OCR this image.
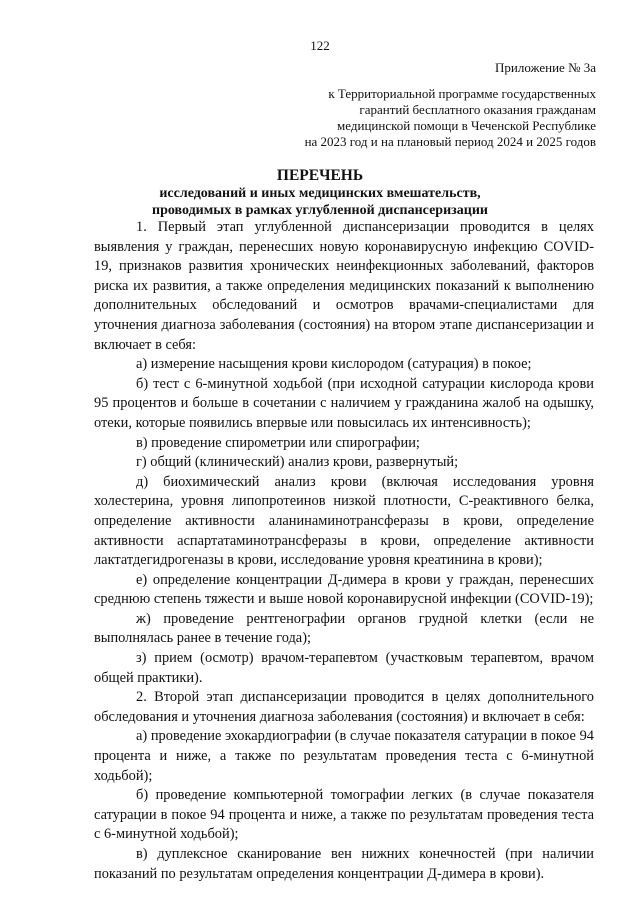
122
Приложение № 3а
к Территориальной программе государственных
гарантий бесплатного оказания гражданам
медицинской помощи в Чеченской Республике
на 2023 год и на плановый период 2024 и 2025 годов
ПЕРЕЧЕНЬ
исследований и иных медицинских вмешательств,
проводимых в рамках углубленной диспансеризации

1. Первый этап углубленной диспансеризации проводится в целях выявления у граждан, перенесших новую коронавирусную инфекцию COVID-19, признаков развития хронических неинфекционных заболеваний, факторов риска их развития, а также определения медицинских показаний к выполнению дополнительных обследований и осмотров врачами-специалистами для уточнения диагноза заболевания (состояния) на втором этапе диспансеризации и включает в себя:

а) измерение насыщения крови кислородом (сатурация) в покое;

б) тест с 6-минутной ходьбой (при исходной сатурации кислорода крови 95 процентов и больше в сочетании с наличием у гражданина жалоб на одышку, отеки, которые появились впервые или повысилась их интенсивность);

в) проведение спирометрии или спирографии;

г) общий (клинический) анализ крови, развернутый;

д) биохимический анализ крови (включая исследования уровня холестерина, уровня липопротеинов низкой плотности, С-реактивного белка, определение активности аланинаминотрансферазы в крови, определение активности аспартатаминотрансферазы в крови, определение активности лактатдегидрогеназы в крови, исследование уровня креатинина в крови);

е) определение концентрации Д-димера в крови у граждан, перенесших среднюю степень тяжести и выше новой коронавирусной инфекции (COVID-19);

ж) проведение рентгенографии органов грудной клетки (если не выполнялась ранее в течение года);

з) прием (осмотр) врачом-терапевтом (участковым терапевтом, врачом общей практики).

2. Второй этап диспансеризации проводится в целях дополнительного обследования и уточнения диагноза заболевания (состояния) и включает в себя:

а) проведение эхокардиографии (в случае показателя сатурации в покое 94 процента и ниже, а также по результатам проведения теста с 6-минутной ходьбой);

б) проведение компьютерной томографии легких (в случае показателя сатурации в покое 94 процента и ниже, а также по результатам проведения теста с 6-минутной ходьбой);

в) дуплексное сканирование вен нижних конечностей (при наличии показаний по результатам определения концентрации Д-димера в крови).
